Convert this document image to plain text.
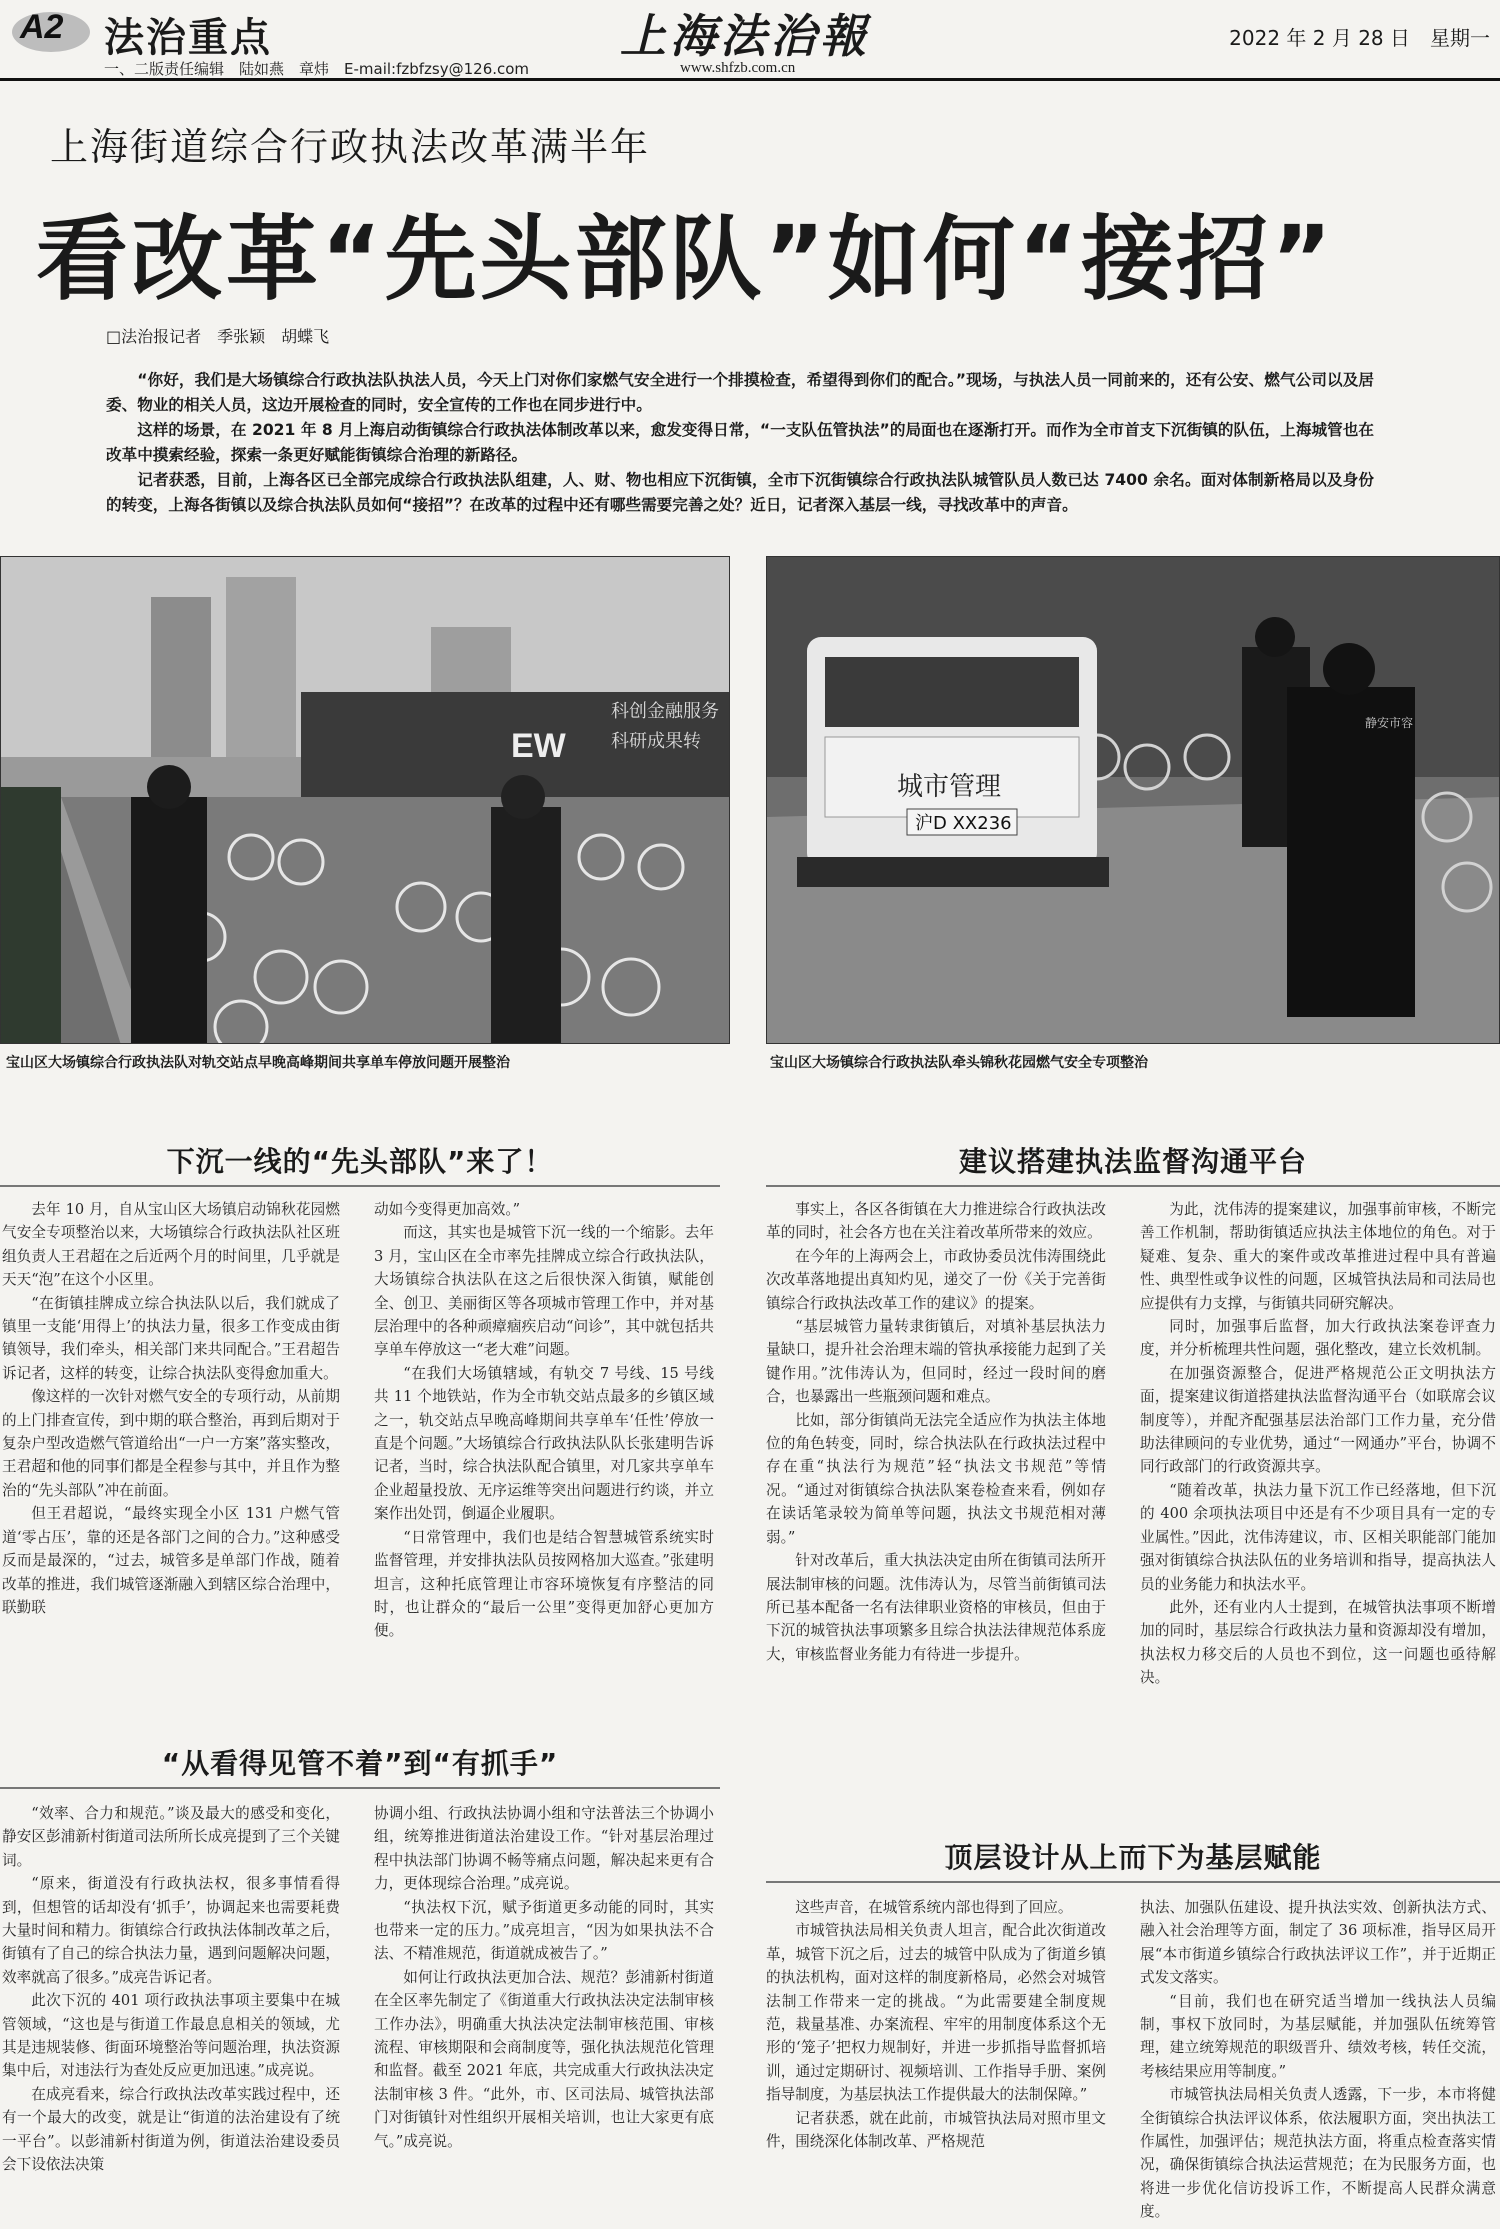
A2 法治重点
一、二版责任编辑　陆如燕　章炜　E-mail:fzbfzsy@126.com
上海法治報
www.shfzb.com.cn
2022 年 2 月 28 日　星期一
上海街道综合行政执法改革满半年
看改革“先头部队”如何“接招”
□法治报记者　季张颖　胡蝶飞

“你好，我们是大场镇综合行政执法队执法人员，今天上门对你们家燃气安全进行一个排摸检查，希望得到你们的配合。”现场，与执法人员一同前来的，还有公安、燃气公司以及居委、物业的相关人员，这边开展检查的同时，安全宣传的工作也在同步进行中。

这样的场景，在 2021 年 8 月上海启动街镇综合行政执法体制改革以来，愈发变得日常，“一支队伍管执法”的局面也在逐渐打开。而作为全市首支下沉街镇的队伍，上海城管也在改革中摸索经验，探索一条更好赋能街镇综合治理的新路径。

记者获悉，目前，上海各区已全部完成综合行政执法队组建，人、财、物也相应下沉街镇，全市下沉街镇综合行政执法队城管队员人数已达 7400 余名。面对体制新格局以及身份的转变，上海各街镇以及综合执法队员如何“接招”？在改革的过程中还有哪些需要完善之处？近日，记者深入基层一线，寻找改革中的声音。

科创金融服务
科研成果转
EW
宝山区大场镇综合行政执法队对轨交站点早晚高峰期间共享单车停放问题开展整治
城市管理
沪D XX236
静安市容
宝山区大场镇综合行政执法队牵头锦秋花园燃气安全专项整治
下沉一线的“先头部队”来了！

去年 10 月，自从宝山区大场镇启动锦秋花园燃气安全专项整治以来，大场镇综合行政执法队社区班组负责人王君超在之后近两个月的时间里，几乎就是天天“泡”在这个小区里。

“在街镇挂牌成立综合执法队以后，我们就成了镇里一支能‘用得上’的执法力量，很多工作变成由街镇领导，我们牵头，相关部门来共同配合。”王君超告诉记者，这样的转变，让综合执法队变得愈加重大。

像这样的一次针对燃气安全的专项行动，从前期的上门排查宣传，到中期的联合整治，再到后期对于复杂户型改造燃气管道给出“一户一方案”落实整改，王君超和他的同事们都是全程参与其中，并且作为整治的“先头部队”冲在前面。

但王君超说，“最终实现全小区 131 户燃气管道‘零占压’，靠的还是各部门之间的合力。”这种感受反而是最深的，“过去，城管多是单部门作战，随着改革的推进，我们城管逐渐融入到辖区综合治理中，联勤联

动如今变得更加高效。”

而这，其实也是城管下沉一线的一个缩影。去年 3 月，宝山区在全市率先挂牌成立综合行政执法队，大场镇综合执法队在这之后很快深入街镇，赋能创全、创卫、美丽街区等各项城市管理工作中，并对基层治理中的各种顽瘴痼疾启动“问诊”，其中就包括共享单车停放这一“老大难”问题。

“在我们大场镇辖域，有轨交 7 号线、15 号线共 11 个地铁站，作为全市轨交站点最多的乡镇区域之一，轨交站点早晚高峰期间共享单车‘任性’停放一直是个问题。”大场镇综合行政执法队队长张建明告诉记者，当时，综合执法队配合镇里，对几家共享单车企业超量投放、无序运维等突出问题进行约谈，并立案作出处罚，倒逼企业履职。

“日常管理中，我们也是结合智慧城管系统实时监督管理，并安排执法队员按网格加大巡查。”张建明坦言，这种托底管理让市容环境恢复有序整洁的同时，也让群众的“最后一公里”变得更加舒心更加方便。

“从看得见管不着”到“有抓手”

“效率、合力和规范。”谈及最大的感受和变化，静安区彭浦新村街道司法所所长成亮提到了三个关键词。

“原来，街道没有行政执法权，很多事情看得到，但想管的话却没有‘抓手’，协调起来也需要耗费大量时间和精力。街镇综合行政执法体制改革之后，街镇有了自己的综合执法力量，遇到问题解决问题，效率就高了很多。”成亮告诉记者。

此次下沉的 401 项行政执法事项主要集中在城管领域，“这也是与街道工作最息息相关的领域，尤其是违规装修、街面环境整治等问题治理，执法资源集中后，对违法行为查处反应更加迅速。”成亮说。

在成亮看来，综合行政执法改革实践过程中，还有一个最大的改变，就是让“街道的法治建设有了统一平台”。以彭浦新村街道为例，街道法治建设委员会下设依法决策

协调小组、行政执法协调小组和守法普法三个协调小组，统筹推进街道法治建设工作。“针对基层治理过程中执法部门协调不畅等痛点问题，解决起来更有合力，更体现综合治理。”成亮说。

“执法权下沉，赋予街道更多动能的同时，其实也带来一定的压力。”成亮坦言，“因为如果执法不合法、不精准规范，街道就成被告了。”

如何让行政执法更加合法、规范？彭浦新村街道在全区率先制定了《街道重大行政执法决定法制审核工作办法》，明确重大执法决定法制审核范围、审核流程、审核期限和会商制度等，强化执法规范化管理和监督。截至 2021 年底，共完成重大行政执法决定法制审核 3 件。“此外，市、区司法局、城管执法部门对街镇针对性组织开展相关培训，也让大家更有底气。”成亮说。

建议搭建执法监督沟通平台

事实上，各区各街镇在大力推进综合行政执法改革的同时，社会各方也在关注着改革所带来的效应。

在今年的上海两会上，市政协委员沈伟涛围绕此次改革落地提出真知灼见，递交了一份《关于完善街镇综合行政执法改革工作的建议》的提案。

“基层城管力量转隶街镇后，对填补基层执法力量缺口，提升社会治理末端的管执承接能力起到了关键作用。”沈伟涛认为，但同时，经过一段时间的磨合，也暴露出一些瓶颈问题和难点。

比如，部分街镇尚无法完全适应作为执法主体地位的角色转变，同时，综合执法队在行政执法过程中存在重“执法行为规范”轻“执法文书规范”等情况。“通过对街镇综合执法队案卷检查来看，例如存在读话笔录较为简单等问题，执法文书规范相对薄弱。”

针对改革后，重大执法决定由所在街镇司法所开展法制审核的问题。沈伟涛认为，尽管当前街镇司法所已基本配备一名有法律职业资格的审核员，但由于下沉的城管执法事项繁多且综合执法法律规范体系庞大，审核监督业务能力有待进一步提升。

为此，沈伟涛的提案建议，加强事前审核，不断完善工作机制，帮助街镇适应执法主体地位的角色。对于疑难、复杂、重大的案件或改革推进过程中具有普遍性、典型性或争议性的问题，区城管执法局和司法局也应提供有力支撑，与街镇共同研究解决。

同时，加强事后监督，加大行政执法案卷评查力度，并分析梳理共性问题，强化整改，建立长效机制。

在加强资源整合，促进严格规范公正文明执法方面，提案建议街道搭建执法监督沟通平台（如联席会议制度等），并配齐配强基层法治部门工作力量，充分借助法律顾问的专业优势，通过“一网通办”平台，协调不同行政部门的行政资源共享。

“随着改革，执法力量下沉工作已经落地，但下沉的 400 余项执法项目中还是有不少项目具有一定的专业属性。”因此，沈伟涛建议，市、区相关职能部门能加强对街镇综合执法队伍的业务培训和指导，提高执法人员的业务能力和执法水平。

此外，还有业内人士提到，在城管执法事项不断增加的同时，基层综合行政执法力量和资源却没有增加，执法权力移交后的人员也不到位，这一问题也亟待解决。

顶层设计从上而下为基层赋能

这些声音，在城管系统内部也得到了回应。

市城管执法局相关负责人坦言，配合此次街道改革，城管下沉之后，过去的城管中队成为了街道乡镇的执法机构，面对这样的制度新格局，必然会对城管法制工作带来一定的挑战。“为此需要建全制度规范，栽量基准、办案流程、牢牢的用制度体系这个无形的‘笼子’把权力规制好，并进一步抓指导监督抓培训，通过定期研讨、视频培训、工作指导手册、案例指导制度，为基层执法工作提供最大的法制保障。”

记者获悉，就在此前，市城管执法局对照市里文件，围绕深化体制改革、严格规范

执法、加强队伍建设、提升执法实效、创新执法方式、融入社会治理等方面，制定了 36 项标准，指导区局开展“本市街道乡镇综合行政执法评议工作”，并于近期正式发文落实。

“目前，我们也在研究适当增加一线执法人员编制，事权下放同时，为基层赋能，并加强队伍统筹管理，建立统筹规范的职级晋升、绩效考核，转任交流，考核结果应用等制度。”

市城管执法局相关负责人透露，下一步，本市将健全街镇综合执法评议体系，依法履职方面，突出执法工作属性，加强评估；规范执法方面，将重点检查落实情况，确保街镇综合执法运营规范；在为民服务方面，也将进一步优化信访投诉工作，不断提高人民群众满意度。
